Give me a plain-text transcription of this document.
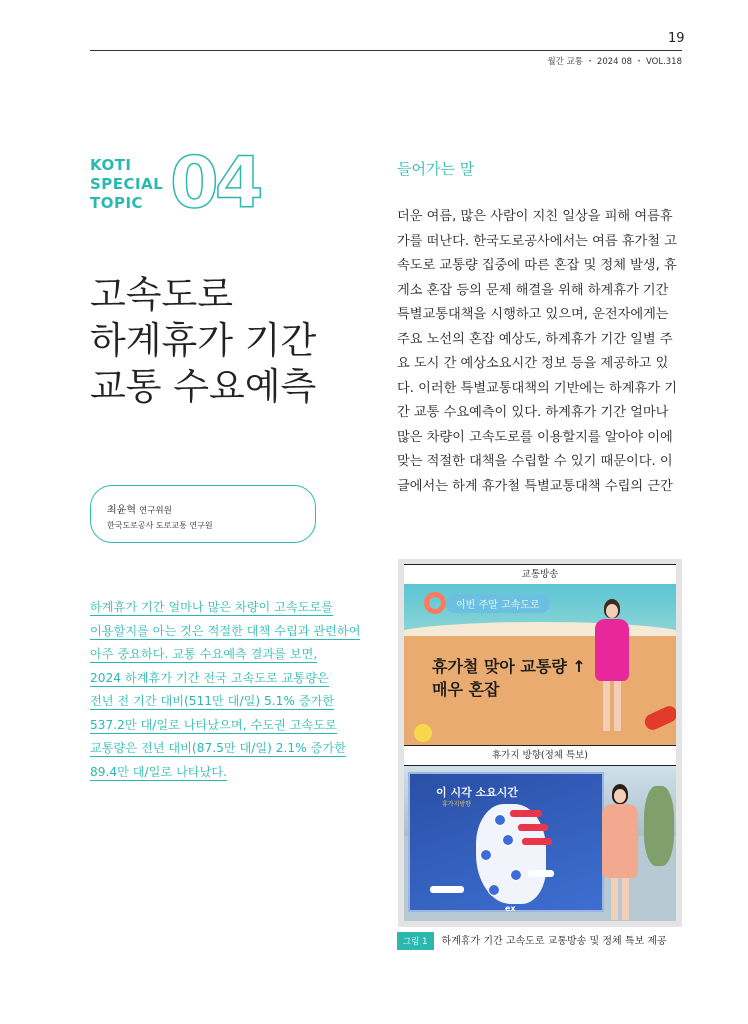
19
월간 교통 ・ 2024 08 ・ VOL.318
KOTI
SPECIAL
TOPIC 04
고속도로
하계휴가 기간
교통 수요예측
최윤혁 연구위원
한국도로공사 도로교통 연구원
하계휴가 기간 얼마나 많은 차량이 고속도로를
이용할지를 아는 것은 적절한 대책 수립과 관련하여
아주 중요하다. 교통 수요예측 결과를 보면,
2024 하계휴가 기간 전국 고속도로 교통량은
전년 전 기간 대비(511만 대/일) 5.1% 증가한
537.2만 대/일로 나타났으며, 수도권 고속도로
교통량은 전년 대비(87.5만 대/일) 2.1% 증가한
89.4만 대/일로 나타났다.
들어가는 말
더운 여름, 많은 사람이 지친 일상을 피해 여름휴
가를 떠난다. 한국도로공사에서는 여름 휴가철 고
속도로 교통량 집중에 따른 혼잡 및 정체 발생, 휴
게소 혼잡 등의 문제 해결을 위해 하계휴가 기간
특별교통대책을 시행하고 있으며, 운전자에게는
주요 노선의 혼잡 예상도, 하계휴가 기간 일별 주
요 도시 간 예상소요시간 정보 등을 제공하고 있
다. 이러한 특별교통대책의 기반에는 하계휴가 기
간 교통 수요예측이 있다. 하계휴가 기간 얼마나
많은 차량이 고속도로를 이용할지를 알아야 이에
맞는 적절한 대책을 수립할 수 있기 때문이다. 이
글에서는 하계 휴가철 특별교통대책 수립의 근간
교통방송
이번 주말 고속도로
휴가철 맞아 교통량 ↑
매우 혼잡
휴가지 방향(정체 특보)
이 시각 소요시간
휴가지방향
ex
그림 1 하계휴가 기간 고속도로 교통방송 및 정체 특보 제공
